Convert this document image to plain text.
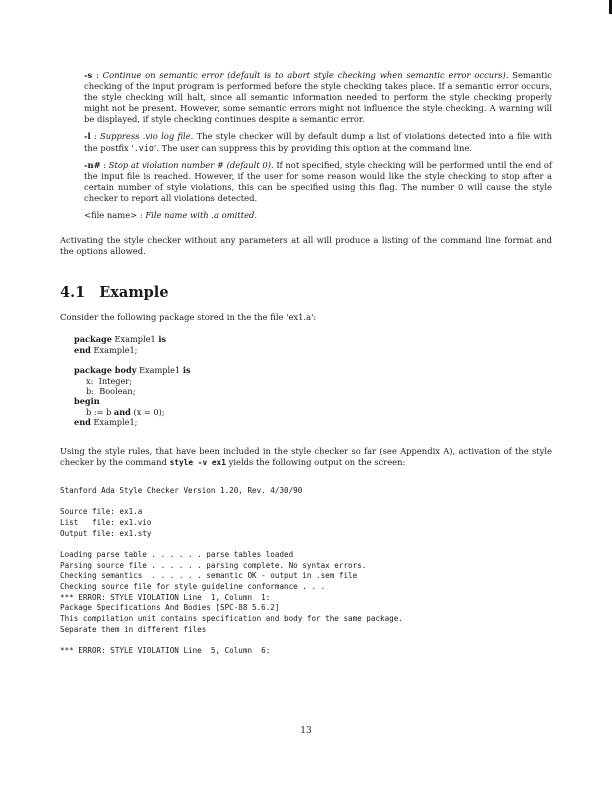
-s : Continue on semantic error (default is to abort style checking when semantic error occurs). Semantic checking of the input program is performed before the style checking takes place. If a semantic error occurs, the style checking will halt, since all semantic information needed to perform the style checking properly might not be present. However, some semantic errors might not influence the style checking. A warning will be displayed, if style checking continues despite a semantic error.

-l : Suppress .vio log file. The style checker will by default dump a list of violations detected into a file with the postfix '.vio'. The user can suppress this by providing this option at the command line.

-n# : Stop at violation number # (default 0). If not specified, style checking will be performed until the end of the input file is reached. However, if the user for some reason would like the style checking to stop after a certain number of style violations, this can be specified using this flag. The number 0 will cause the style checker to report all violations detected.

<file name> : File name with .a omitted.

Activating the style checker without any parameters at all will produce a listing of the command line format and the options allowed.

4.1 Example

Consider the following package stored in the the file 'ex1.a':

package Example1 is
end Example1;
package body Example1 is
x:  Integer;
b:  Boolean;
begin
b := b and (x = 0);
end Example1;

Using the style rules, that have been included in the style checker so far (see Appendix A), activation of the style checker by the command style -v ex1 yields the following output on the screen:

Stanford Ada Style Checker Version 1.20, Rev. 4/30/90
Source file: ex1.a
List   file: ex1.vio
Output file: ex1.sty
Loading parse table . . . . . . parse tables loaded
Parsing source file . . . . . . parsing complete. No syntax errors.
Checking semantics  . . . . . . semantic OK - output in .sem file
Checking source file for style guideline conformance . . .
*** ERROR: STYLE VIOLATION Line  1, Column  1:
Package Specifications And Bodies [SPC-88 5.6.2]
This compilation unit contains specification and body for the same package.
Separate them in different files
*** ERROR: STYLE VIOLATION Line  5, Column  6:
13
